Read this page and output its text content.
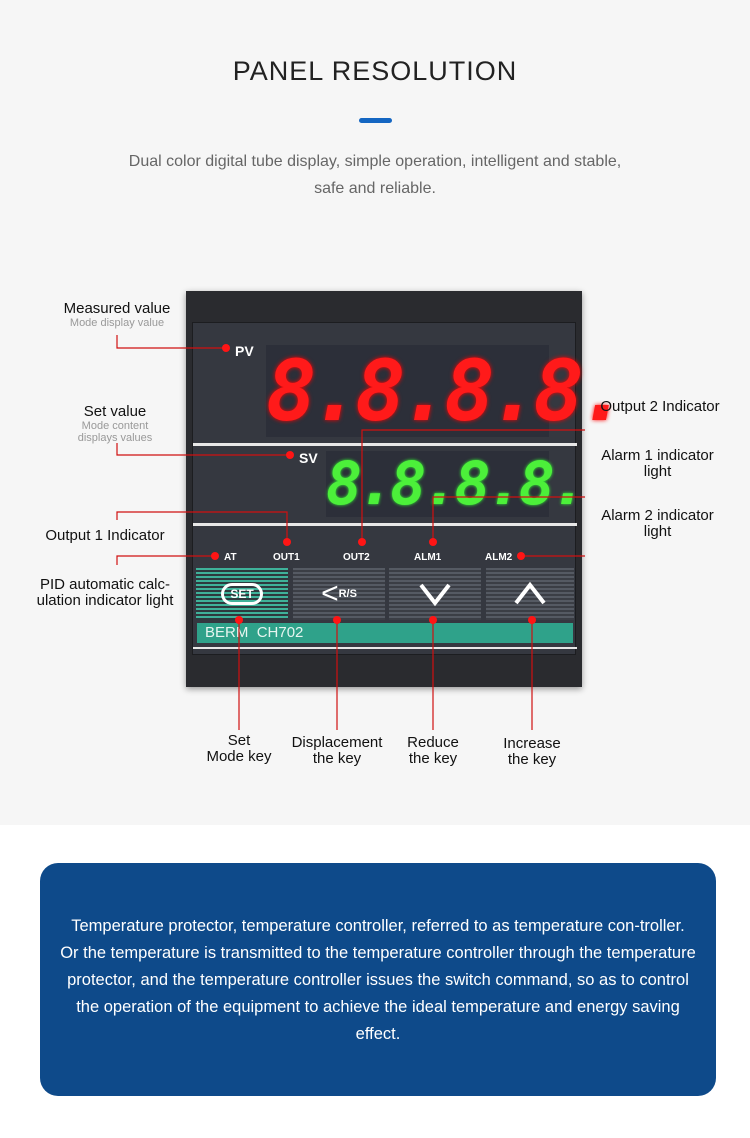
PANEL RESOLUTION
Dual color digital tube display, simple operation, intelligent and stable,
safe and reliable.
PV 8.8.8.8.
SV 8.8.8.8.
AT	OUT1	OUT2	ALM1	ALM2
SET	< R/S
BERM CH702
Measured value
Mode display value
Set value
Mode content
displays values
Output 1 Indicator
PID automatic calc-
ulation indicator light
Output 2 Indicator
Alarm 1 indicator
light
Alarm 2 indicator
light
Set
Mode key
Displacement
the key
Reduce
the key
Increase
the key

Temperature protector, temperature controller, referred to as temperature con-troller. Or the temperature is transmitted to the temperature controller through the temperature protector, and the temperature controller issues the switch command, so as to control the operation of the equipment to achieve the ideal temperature and energy saving effect.
